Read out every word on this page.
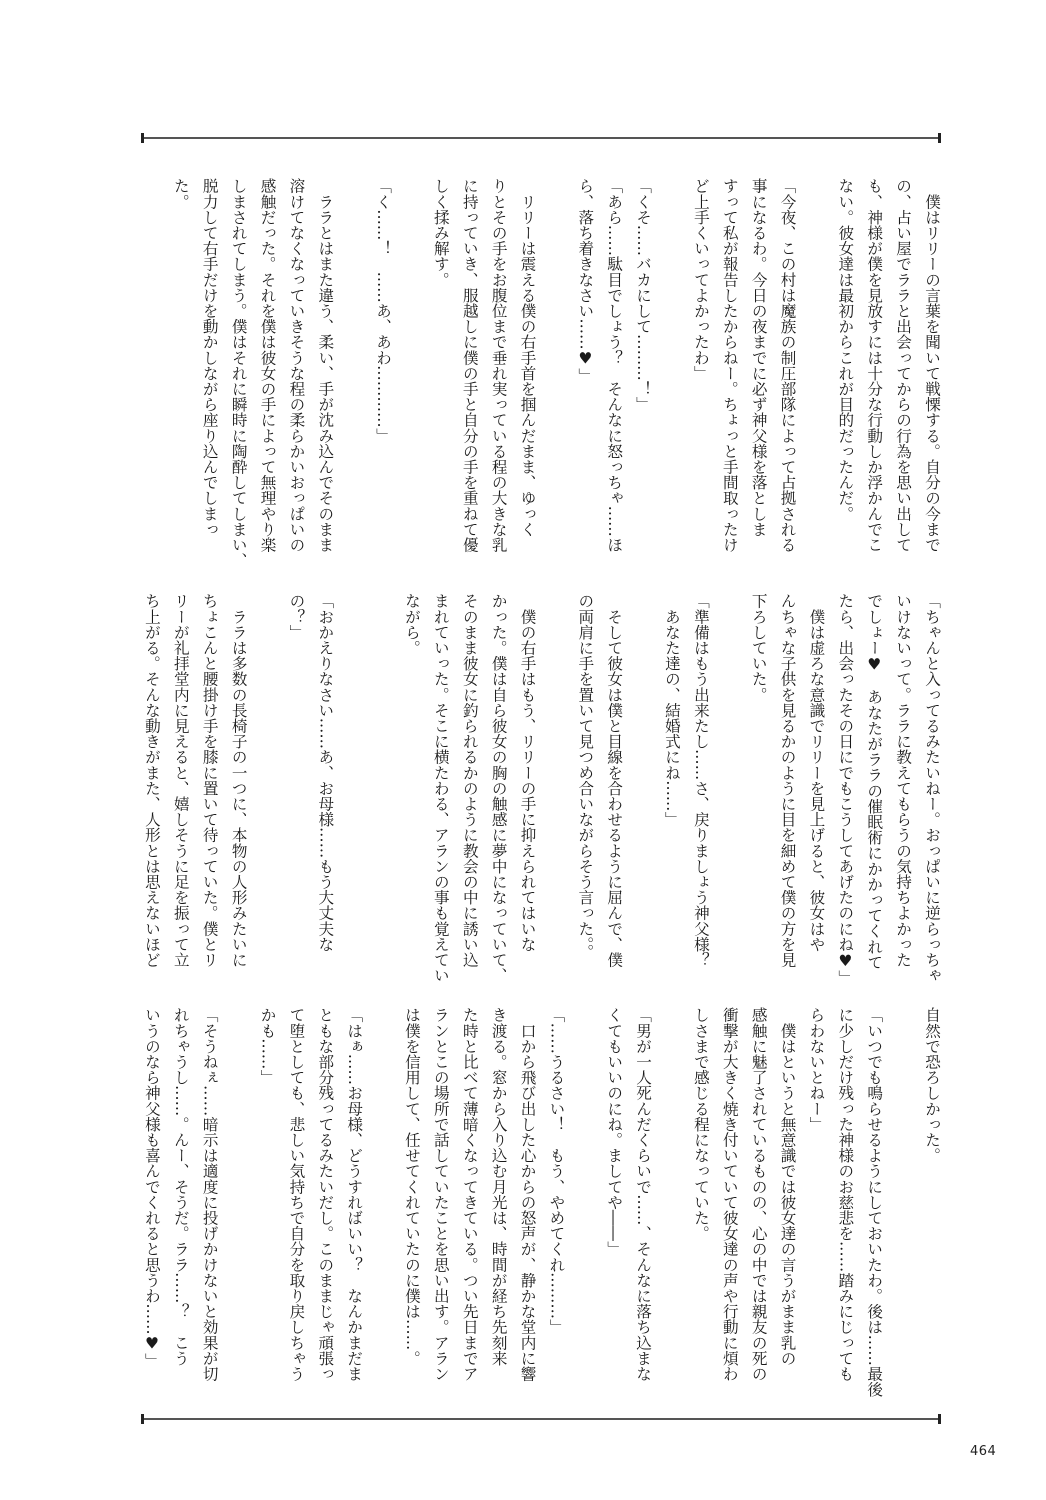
　僕はリリーの言葉を聞いて戦慄する。自分の今まで
の、占い屋でララと出会ってからの行為を思い出して
も、神様が僕を見放すには十分な行動しか浮かんでこ
ない。彼女達は最初からこれが目的だったんだ。
「今夜、この村は魔族の制圧部隊によって占拠される
事になるわ。今日の夜までに必ず神父様を落としま
すって私が報告したからねー。ちょっと手間取ったけ
ど上手くいってよかったわ」
「くそ……バカにして………！」
「あら……駄目でしょう？　そんなに怒っちゃ……ほ
ら、落ち着きなさい……♥」
　リリーは震える僕の右手首を掴んだまま、ゆっく
りとその手をお腹位まで垂れ実っている程の大きな乳
に持っていき、服越しに僕の手と自分の手を重ねて優
しく揉み解す。
「く……！　……あ、あわ…………」
　ララとはまた違う、柔い、手が沈み込んでそのまま
溶けてなくなっていきそうな程の柔らかいおっぱいの
感触だった。それを僕は彼女の手によって無理やり楽
しまされてしまう。僕はそれに瞬時に陶酔してしまい、
脱力して右手だけを動かしながら座り込んでしまっ
た。
「ちゃんと入ってるみたいねー。おっぱいに逆らっちゃ
いけないって。ララに教えてもらうの気持ちよかった
でしょー♥　あなたがララの催眠術にかかってくれて
たら、出会ったその日にでもこうしてあげたのにね♥」
　僕は虚ろな意識でリリーを見上げると、彼女はや
んちゃな子供を見るかのように目を細めて僕の方を見
下ろしていた。
「準備はもう出来たし……さ、戻りましょう神父様？
　あなた達の、結婚式にね……」
　そして彼女は僕と目線を合わせるように屈んで、僕
の両肩に手を置いて見つめ合いながらそう言った。。
　僕の右手はもう、リリーの手に抑えられてはいな
かった。僕は自ら彼女の胸の触感に夢中になっていて、
そのまま彼女に釣られるかのように教会の中に誘い込
まれていった。そこに横たわる、アランの事も覚えてい
ながら。
「おかえりなさい……あ、お母様……もう大丈夫な
の？」
　ララは多数の長椅子の一つに、本物の人形みたいに
ちょこんと腰掛け手を膝に置いて待っていた。僕とリ
リーが礼拝堂内に見えると、嬉しそうに足を振って立
ち上がる。そんな動きがまた、人形とは思えないほど
自然で恐ろしかった。
「いつでも鳴らせるようにしておいたわ。後は……最後
に少しだけ残った神様のお慈悲を……踏みにじっても
らわないとねー」
　僕はというと無意識では彼女達の言うがまま乳の
感触に魅了されているものの、心の中では親友の死の
衝撃が大きく焼き付いていて彼女達の声や行動に煩わ
しさまで感じる程になっていた。
「男が一人死んだくらいで……、そんなに落ち込まな
くてもいいのにね。ましてや――」
「……うるさい！　もう、やめてくれ………」
　口から飛び出した心からの怒声が、静かな堂内に響
き渡る。窓から入り込む月光は、時間が経ち先刻来
た時と比べて薄暗くなってきている。つい先日までア
ランとこの場所で話していたことを思い出す。アラン
は僕を信用して、任せてくれていたのに僕は……。
「はぁ……お母様、どうすればいい？　なんかまだま
ともな部分残ってるみたいだし。このままじゃ頑張っ
て堕としても、悲しい気持ちで自分を取り戻しちゃう
かも……」
「そうねぇ……暗示は適度に投げかけないと効果が切
れちゃうし……。んー、そうだ。ララ……？　こう
いうのなら神父様も喜んでくれると思うわ……♥」
464
